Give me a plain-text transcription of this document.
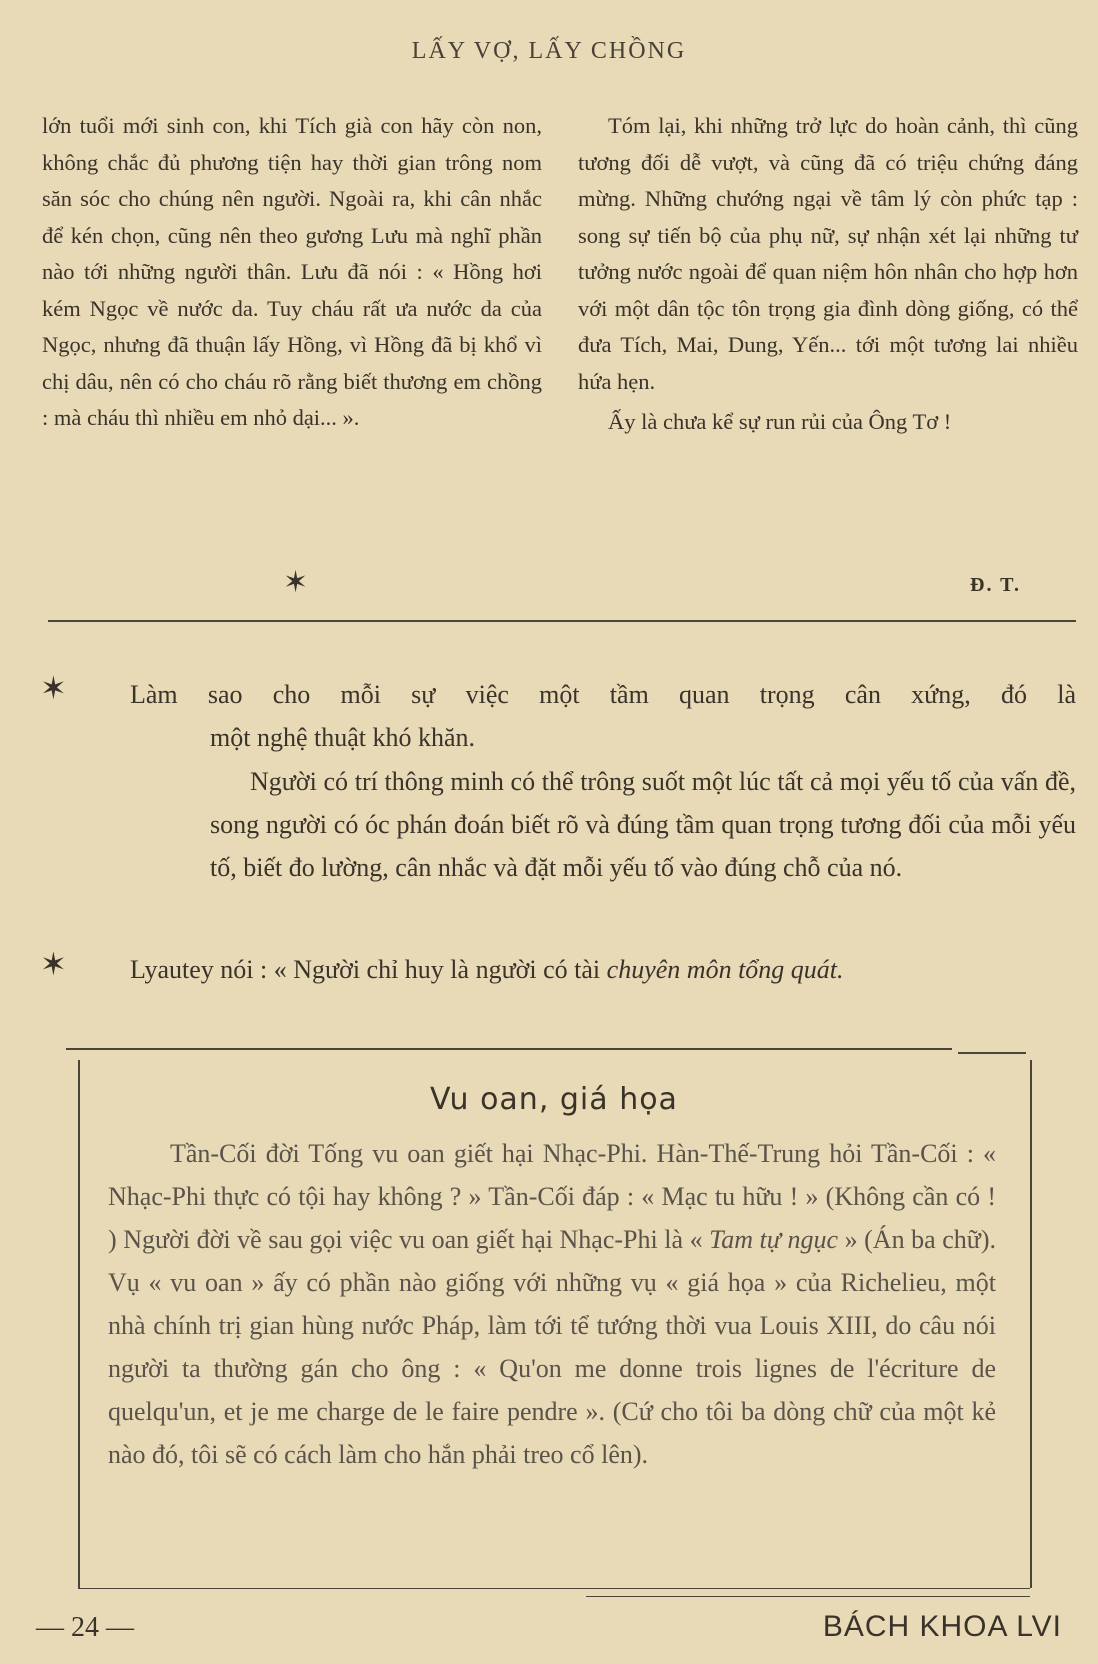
LẤY VỢ, LẤY CHỒNG

lớn tuổi mới sinh con, khi Tích già con hãy còn non, không chắc đủ phương tiện hay thời gian trông nom săn sóc cho chúng nên người. Ngoài ra, khi cân nhắc để kén chọn, cũng nên theo gương Lưu mà nghĩ phần nào tới những người thân. Lưu đã nói : « Hồng hơi kém Ngọc về nước da. Tuy cháu rất ưa nước da của Ngọc, nhưng đã thuận lấy Hồng, vì Hồng đã bị khổ vì chị dâu, nên có cho cháu rõ rằng biết thương em chồng : mà cháu thì nhiều em nhỏ dại... ».

✶

Tóm lại, khi những trở lực do hoàn cảnh, thì cũng tương đối dễ vượt, và cũng đã có triệu chứng đáng mừng. Những chướng ngại về tâm lý còn phức tạp : song sự tiến bộ của phụ nữ, sự nhận xét lại những tư tưởng nước ngoài để quan niệm hôn nhân cho hợp hơn với một dân tộc tôn trọng gia đình dòng giống, có thể đưa Tích, Mai, Dung, Yến... tới một tương lai nhiều hứa hẹn.

Ấy là chưa kể sự run rủi của Ông Tơ !

Đ. T.
✶ Làm sao cho mỗi sự việc một tầm quan trọng cân xứng, đó là

một nghệ thuật khó khăn.

Người có trí thông minh có thể trông suốt một lúc tất cả mọi yếu tố của vấn đề, song người có óc phán đoán biết rõ và đúng tầm quan trọng tương đối của mỗi yếu tố, biết đo lường, cân nhắc và đặt mỗi yếu tố vào đúng chỗ của nó.

✶ Lyautey nói : « Người chỉ huy là người có tài chuyên môn tổng quát.

Vu oan, giá họa

Tần-Cối đời Tống vu oan giết hại Nhạc-Phi. Hàn-Thế-Trung hỏi Tần-Cối : « Nhạc-Phi thực có tội hay không ? » Tần-Cối đáp : « Mạc tu hữu ! » (Không cần có ! ) Người đời về sau gọi việc vu oan giết hại Nhạc-Phi là « Tam tự ngục » (Án ba chữ). Vụ « vu oan » ấy có phần nào giống với những vụ « giá họa » của Richelieu, một nhà chính trị gian hùng nước Pháp, làm tới tể tướng thời vua Louis XIII, do câu nói người ta thường gán cho ông : « Qu'on me donne trois lignes de l'écriture de quelqu'un, et je me charge de le faire pendre ». (Cứ cho tôi ba dòng chữ của một kẻ nào đó, tôi sẽ có cách làm cho hắn phải treo cổ lên).

— 24 —	BÁCH KHOA LVI
